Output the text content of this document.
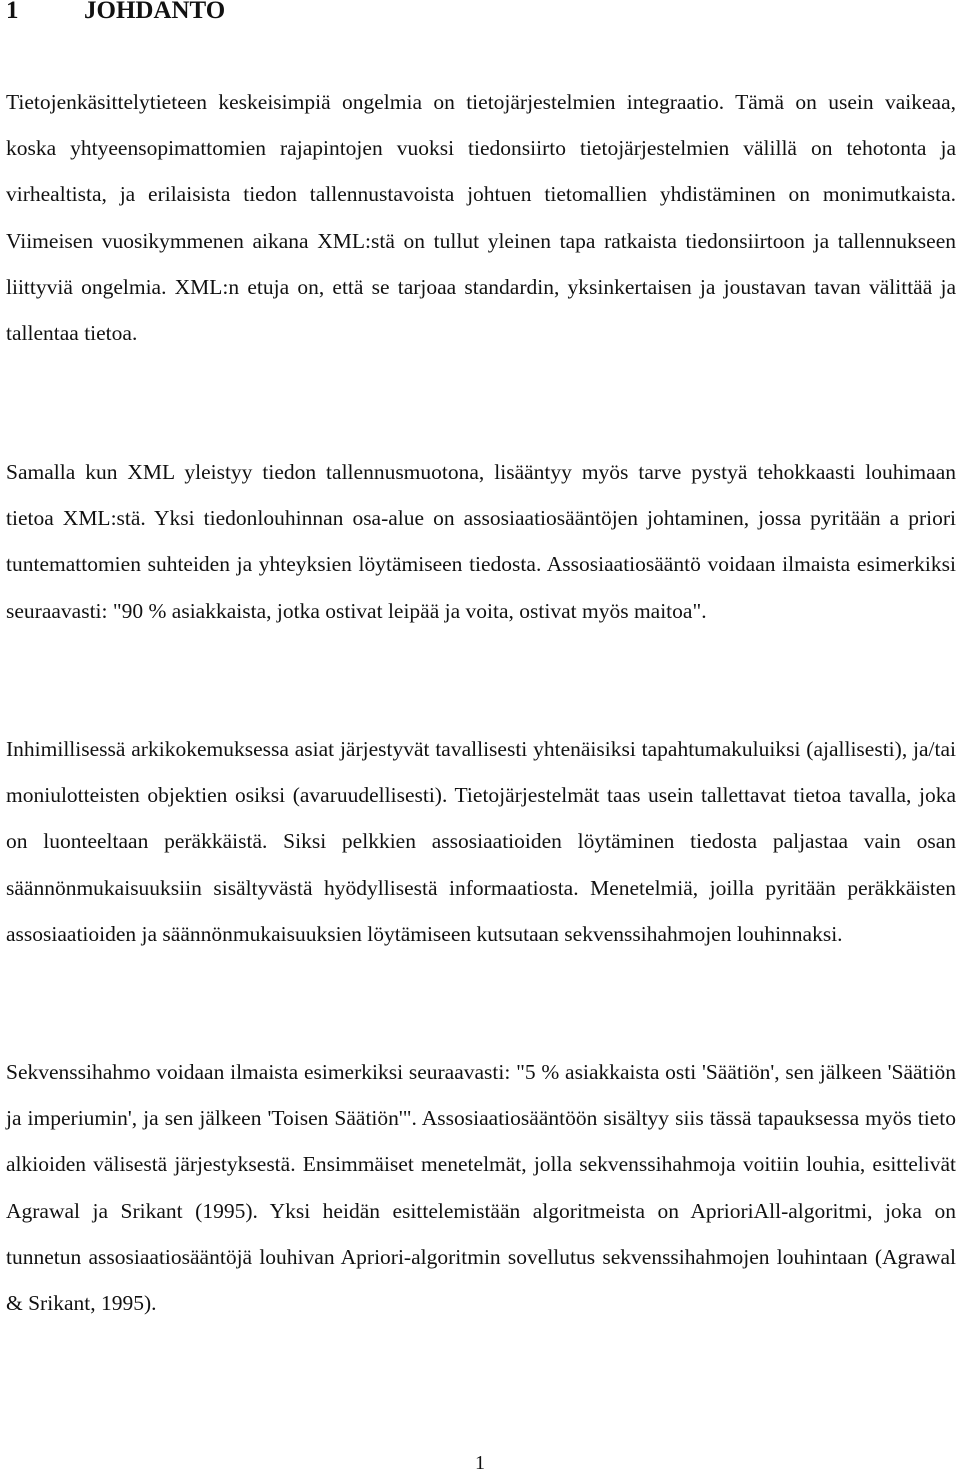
1	JOHDANTO

Tietojenkäsittelytieteen keskeisimpiä ongelmia on tietojärjestelmien integraatio. Tämä on usein vaikeaa, koska yhtyeensopimattomien rajapintojen vuoksi tiedonsiirto tietojärjestelmien välillä on tehotonta ja virhealtista, ja erilaisista tiedon tallennustavoista johtuen tietomallien yhdistäminen on monimutkaista. Viimeisen vuosikymmenen aikana XML:stä on tullut yleinen tapa ratkaista tiedonsiirtoon ja tallennukseen liittyviä ongelmia. XML:n etuja on, että se tarjoaa standardin, yksinkertaisen ja joustavan tavan välittää ja tallentaa tietoa.

Samalla kun XML yleistyy tiedon tallennusmuotona, lisääntyy myös tarve pystyä tehokkaasti louhimaan tietoa XML:stä. Yksi tiedonlouhinnan osa-alue on assosiaatiosääntöjen johtaminen, jossa pyritään a priori tuntemattomien suhteiden ja yhteyksien löytämiseen tiedosta. Assosiaatiosääntö voidaan ilmaista esimerkiksi seuraavasti: "90 % asiakkaista, jotka ostivat leipää ja voita, ostivat myös maitoa".

Inhimillisessä arkikokemuksessa asiat järjestyvät tavallisesti yhtenäisiksi tapahtumakuluiksi (ajallisesti), ja/tai moniulotteisten objektien osiksi (avaruudellisesti). Tietojärjestelmät taas usein tallettavat tietoa tavalla, joka on luonteeltaan peräkkäistä. Siksi pelkkien assosiaatioiden löytäminen tiedosta paljastaa vain osan säännönmukaisuuksiin sisältyvästä hyödyllisestä informaatiosta. Menetelmiä, joilla pyritään peräkkäisten assosiaatioiden ja säännönmukaisuuksien löytämiseen kutsutaan sekvenssihahmojen louhinnaksi.

Sekvenssihahmo voidaan ilmaista esimerkiksi seuraavasti: "5 % asiakkaista osti 'Säätiön', sen jälkeen 'Säätiön ja imperiumin', ja sen jälkeen 'Toisen Säätiön'". Assosiaatiosääntöön sisältyy siis tässä tapauksessa myös tieto alkioiden välisestä järjestyksestä. Ensimmäiset menetelmät, jolla sekvenssihahmoja voitiin louhia, esittelivät Agrawal ja Srikant (1995). Yksi heidän esittelemistään algoritmeista on AprioriAll-algoritmi, joka on tunnetun assosiaatiosääntöjä louhivan Apriori-algoritmin sovellutus sekvenssihahmojen louhintaan (Agrawal & Srikant, 1995).

1
